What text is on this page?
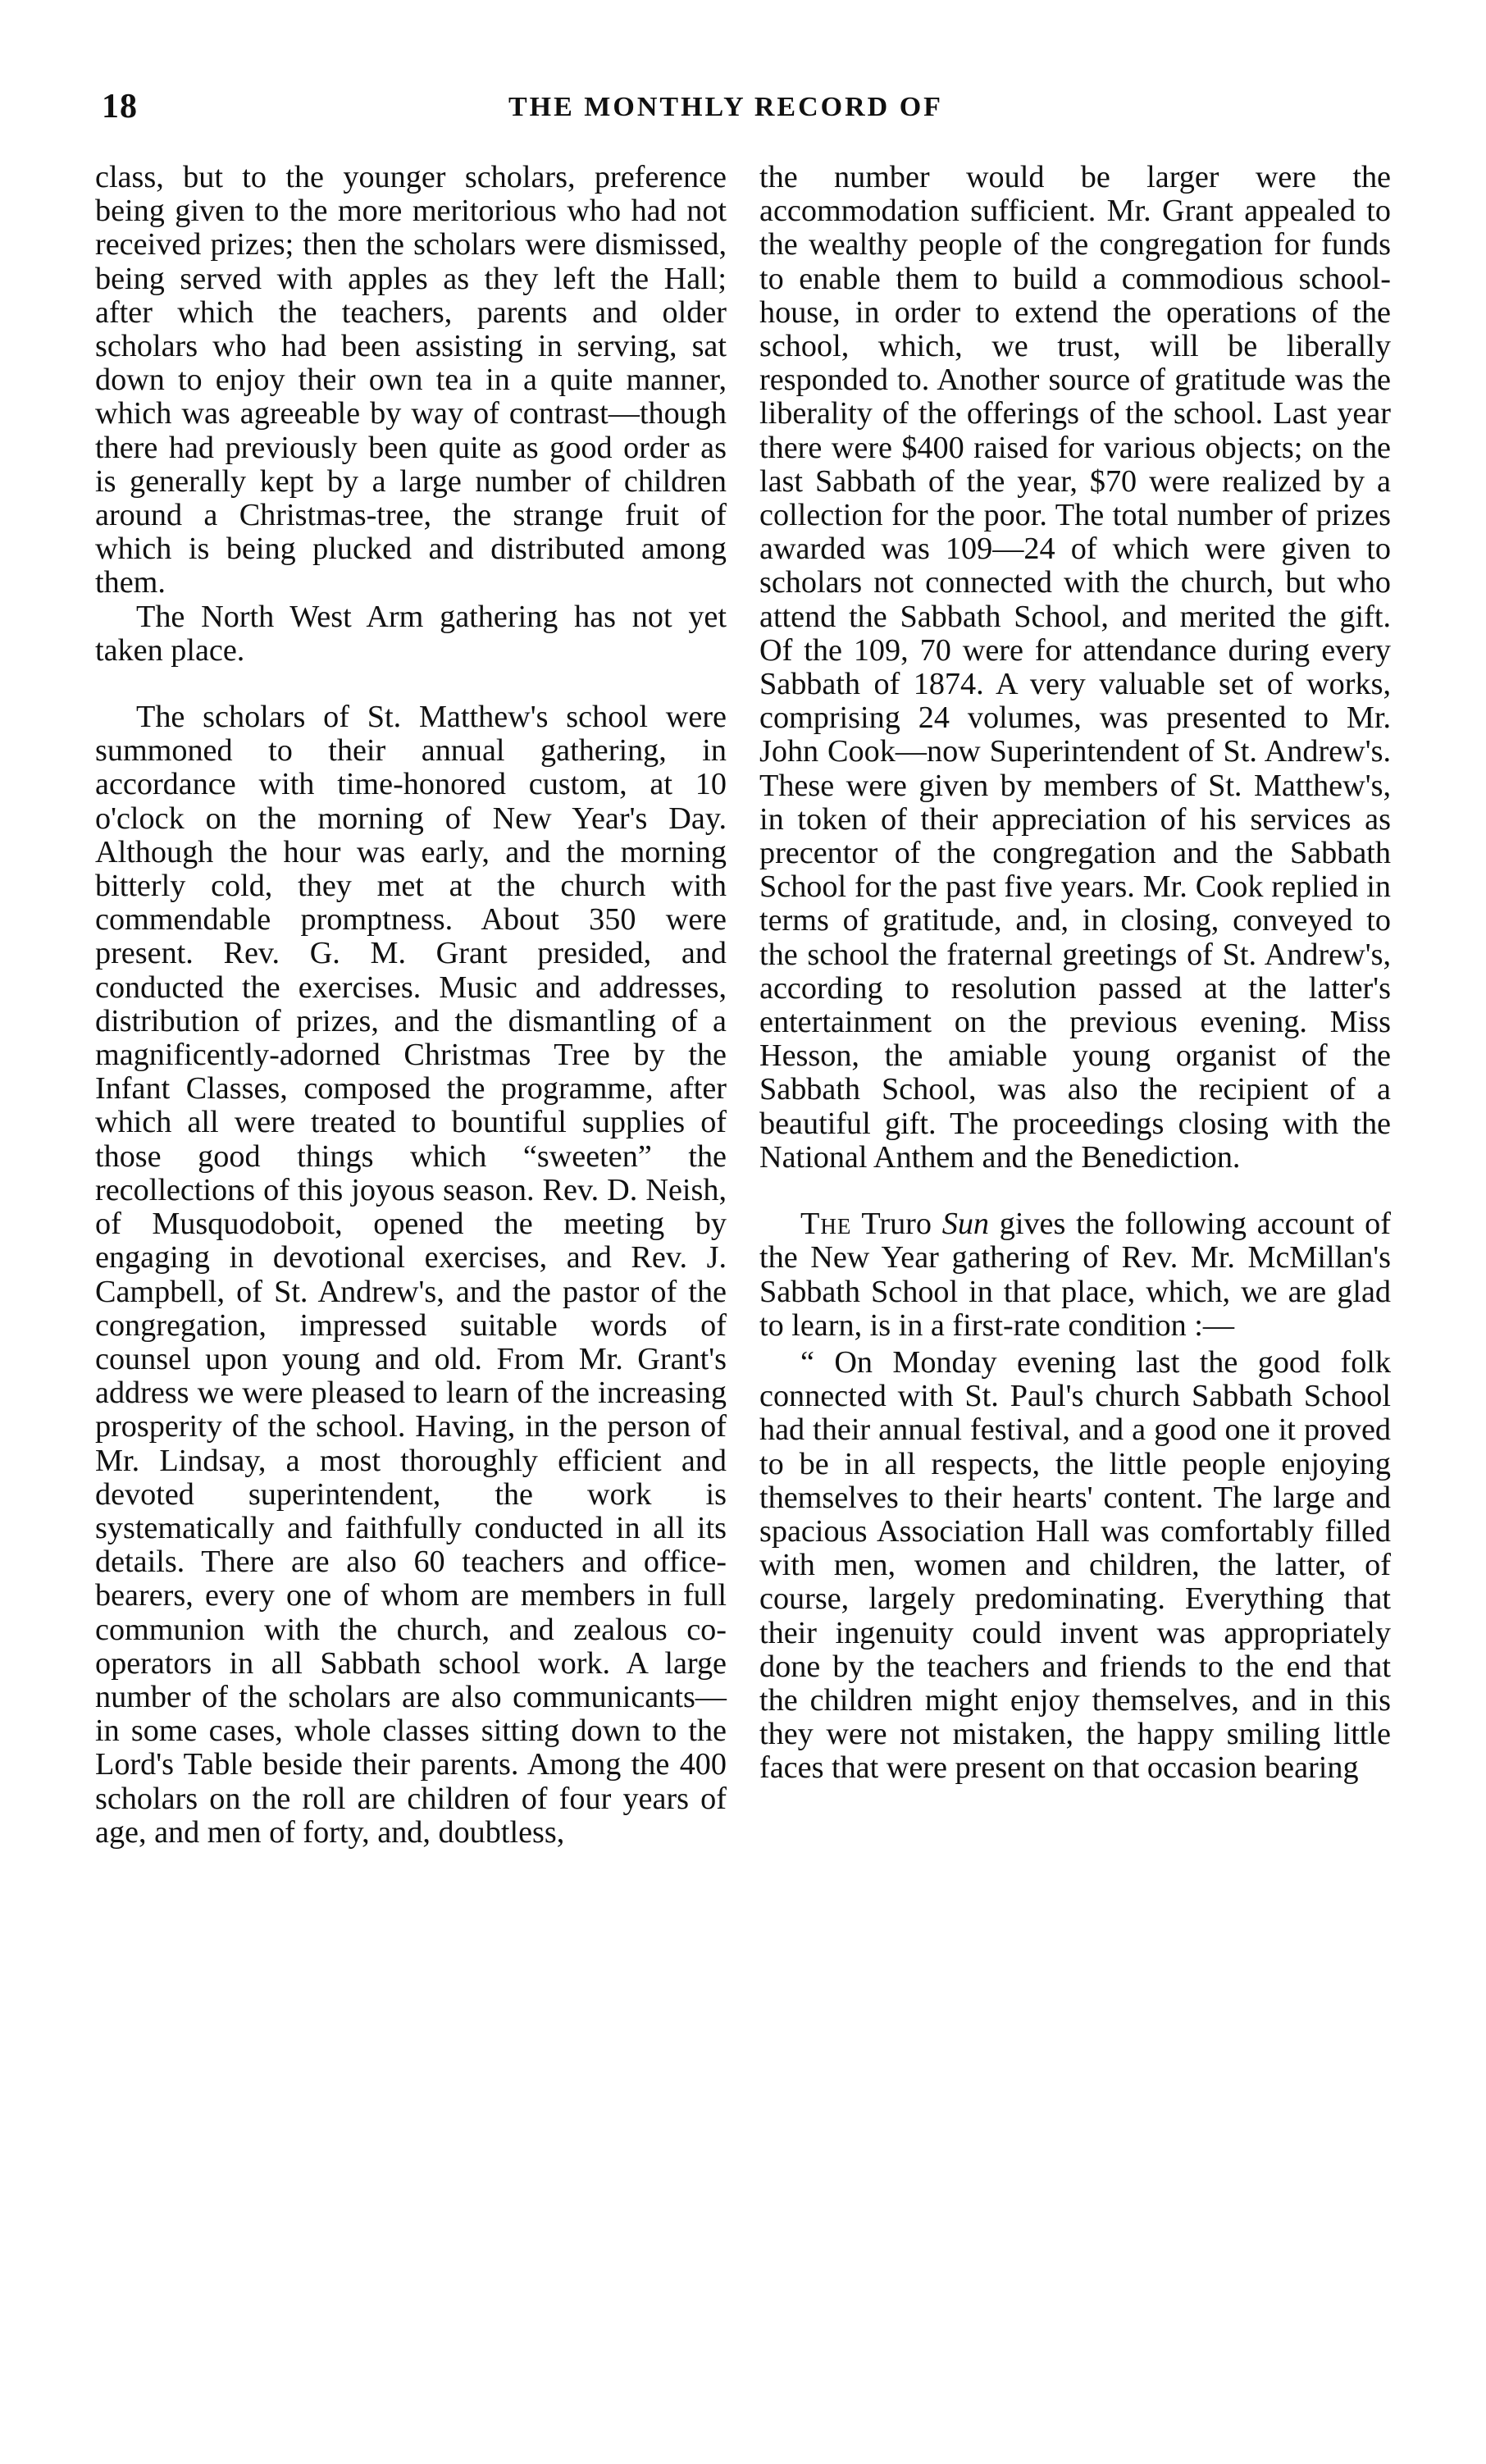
18	THE MONTHLY RECORD OF

class, but to the younger scholars, preference being given to the more meritorious who had not received prizes; then the scholars were dismissed, being served with apples as they left the Hall; after which the teachers, parents and older scholars who had been assisting in serving, sat down to enjoy their own tea in a quite manner, which was agreeable by way of contrast—though there had previously been quite as good order as is generally kept by a large number of children around a Christmas-tree, the strange fruit of which is being plucked and distributed among them.

The North West Arm gathering has not yet taken place.

The scholars of St. Matthew's school were summoned to their annual gathering, in accordance with time-honored custom, at 10 o'clock on the morning of New Year's Day. Although the hour was early, and the morning bitterly cold, they met at the church with commendable promptness. About 350 were present. Rev. G. M. Grant presided, and conducted the exercises. Music and addresses, distribution of prizes, and the dismantling of a magnificently-adorned Christmas Tree by the Infant Classes, composed the programme, after which all were treated to bountiful supplies of those good things which “sweeten” the recollections of this joyous season. Rev. D. Neish, of Musquodoboit, opened the meeting by engaging in devotional exercises, and Rev. J. Campbell, of St. Andrew's, and the pastor of the congregation, impressed suitable words of counsel upon young and old. From Mr. Grant's address we were pleased to learn of the increasing prosperity of the school. Having, in the person of Mr. Lindsay, a most thoroughly efficient and devoted superintendent, the work is systematically and faithfully conducted in all its details. There are also 60 teachers and office-bearers, every one of whom are members in full communion with the church, and zealous co-operators in all Sabbath school work. A large number of the scholars are also communicants—in some cases, whole classes sitting down to the Lord's Table beside their parents. Among the 400 scholars on the roll are children of four years of age, and men of forty, and, doubtless,

the number would be larger were the accommodation sufficient. Mr. Grant appealed to the wealthy people of the congregation for funds to enable them to build a commodious school-house, in order to extend the operations of the school, which, we trust, will be liberally responded to. Another source of gratitude was the liberality of the offerings of the school. Last year there were $400 raised for various objects; on the last Sabbath of the year, $70 were realized by a collection for the poor. The total number of prizes awarded was 109—24 of which were given to scholars not connected with the church, but who attend the Sabbath School, and merited the gift. Of the 109, 70 were for attendance during every Sabbath of 1874. A very valuable set of works, comprising 24 volumes, was presented to Mr. John Cook—now Superintendent of St. Andrew's. These were given by members of St. Matthew's, in token of their appreciation of his services as precentor of the congregation and the Sabbath School for the past five years. Mr. Cook replied in terms of gratitude, and, in closing, conveyed to the school the fraternal greetings of St. Andrew's, according to resolution passed at the latter's entertainment on the previous evening. Miss Hesson, the amiable young organist of the Sabbath School, was also the recipient of a beautiful gift. The proceedings closing with the National Anthem and the Benediction.

The Truro Sun gives the following account of the New Year gathering of Rev. Mr. McMillan's Sabbath School in that place, which, we are glad to learn, is in a first-rate condition :—

“ On Monday evening last the good folk connected with St. Paul's church Sabbath School had their annual festival, and a good one it proved to be in all respects, the little people enjoying themselves to their hearts' content. The large and spacious Association Hall was comfortably filled with men, women and children, the latter, of course, largely predominating. Everything that their ingenuity could invent was appropriately done by the teachers and friends to the end that the children might enjoy themselves, and in this they were not mistaken, the happy smiling little faces that were present on that occasion bearing
